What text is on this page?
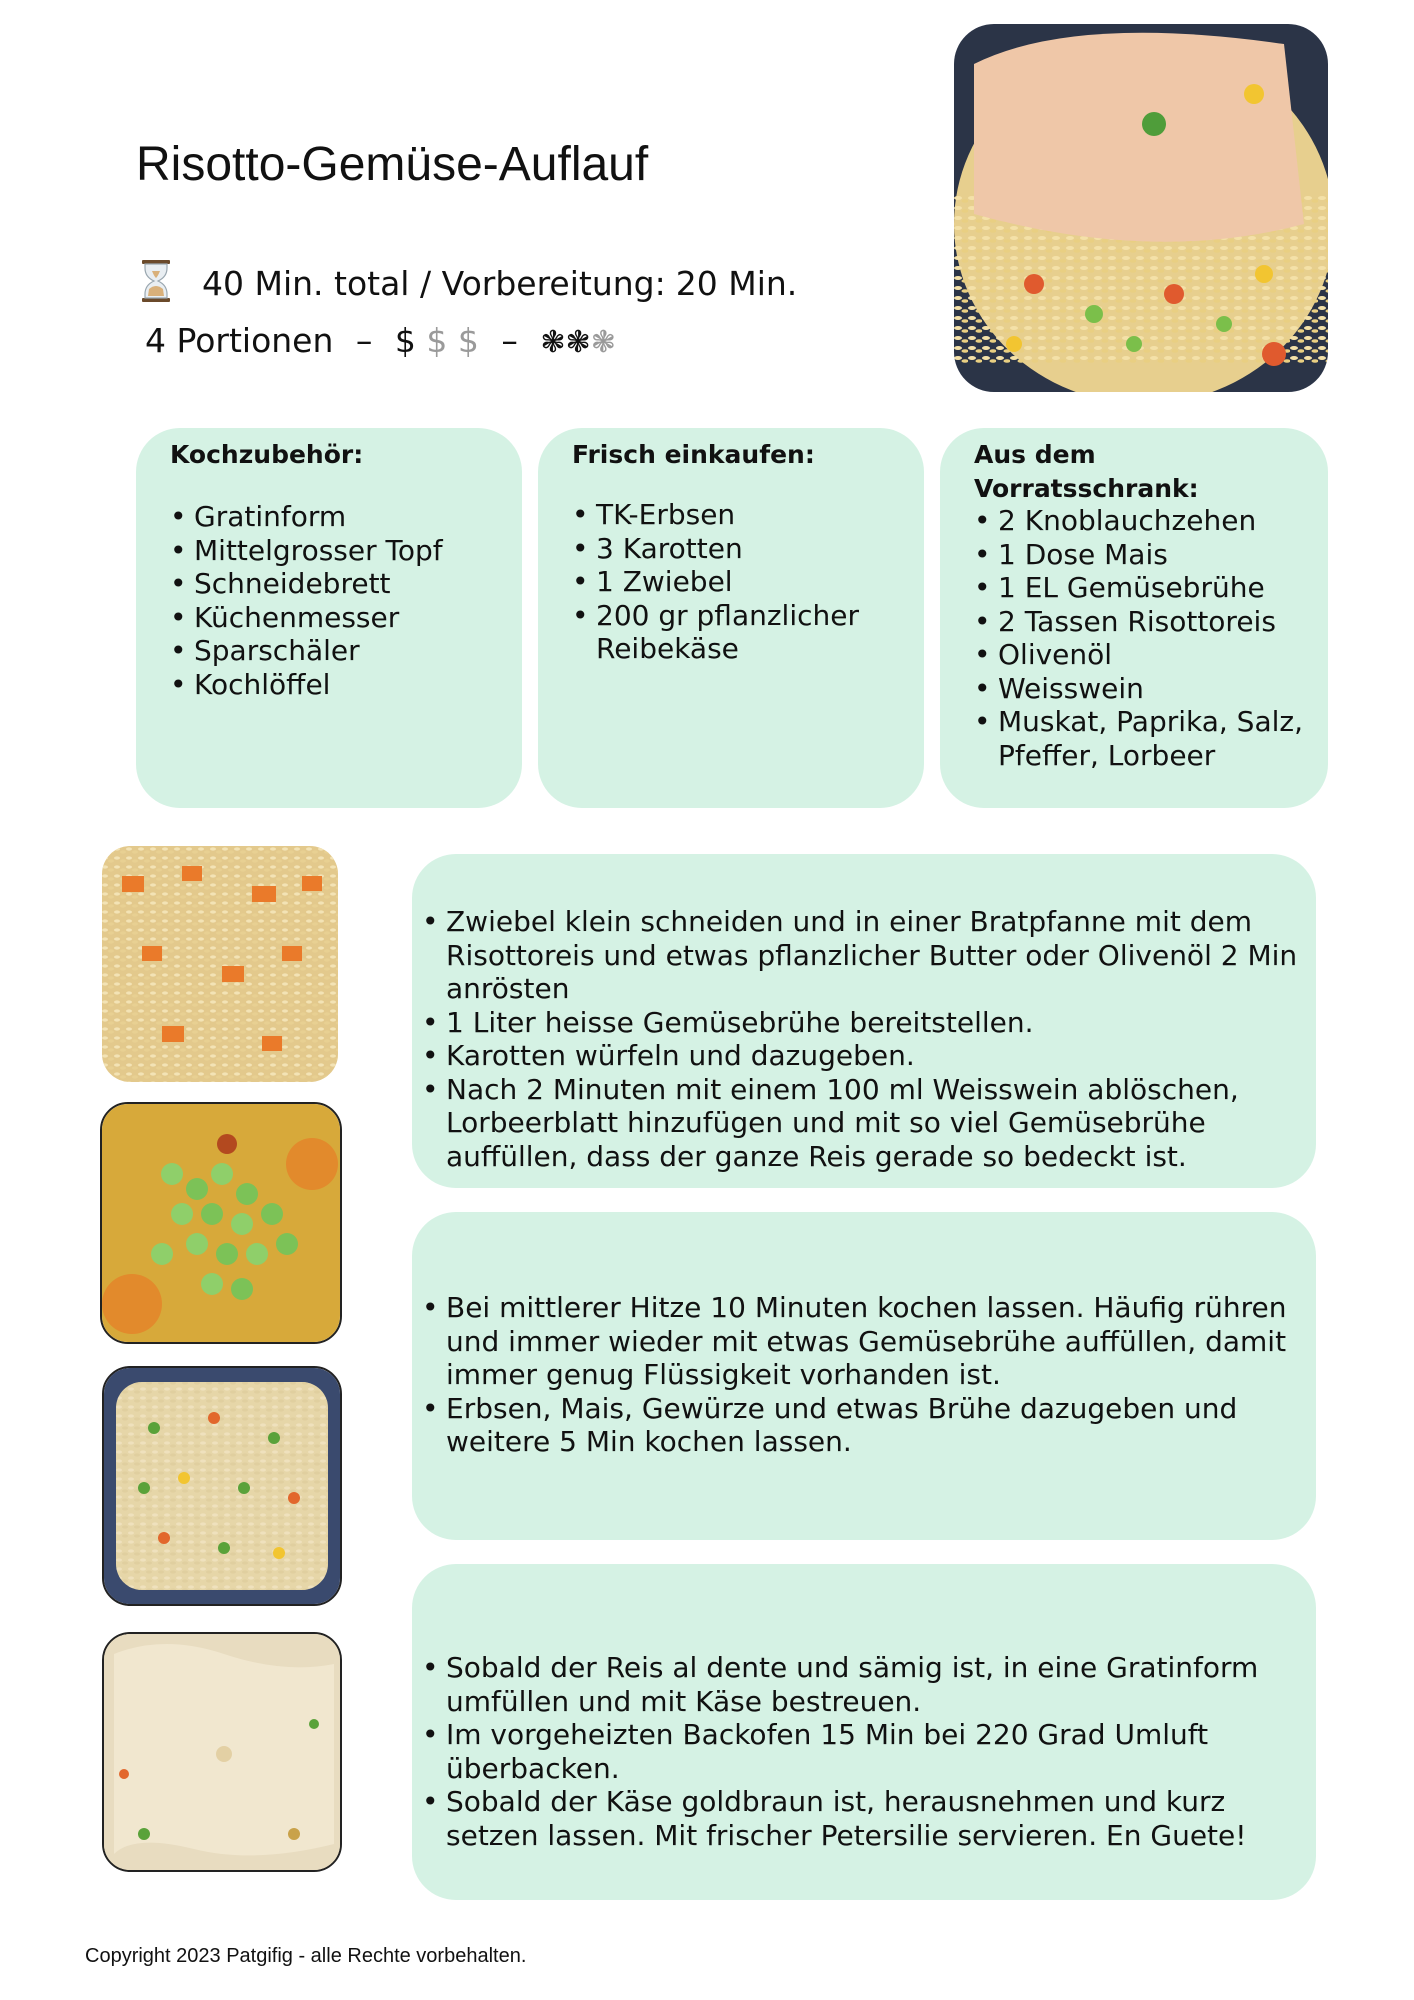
Risotto-Gemüse-Auflauf
40 Min. total / Vorbereitung: 20 Min.
4 Portionen – $ $ $ – ❃❃❃
Kochzubehör:
• Gratinform
• Mittelgrosser Topf
• Schneidebrett
• Küchenmesser
• Sparschäler
• Kochlöffel
Frisch einkaufen:
• TK-Erbsen
• 3 Karotten
• 1 Zwiebel
• 200 gr pflanzlicher Reibekäse
Aus dem Vorratsschrank:
• 2 Knoblauchzehen
• 1 Dose Mais
• 1 EL Gemüsebrühe
• 2 Tassen Risottoreis
• Olivenöl
• Weisswein
• Muskat, Paprika, Salz, Pfeffer, Lorbeer
• Zwiebel klein schneiden und in einer Bratpfanne mit dem Risottoreis und etwas pflanzlicher Butter oder Olivenöl 2 Min anrösten
• 1 Liter heisse Gemüsebrühe bereitstellen.
• Karotten würfeln und dazugeben.
• Nach 2 Minuten mit einem 100 ml Weisswein ablöschen, Lorbeerblatt hinzufügen und mit so viel Gemüsebrühe auffüllen, dass der ganze Reis gerade so bedeckt ist.
• Bei mittlerer Hitze 10 Minuten kochen lassen. Häufig rühren und immer wieder mit etwas Gemüsebrühe auffüllen, damit immer genug Flüssigkeit vorhanden ist.
• Erbsen, Mais, Gewürze und etwas Brühe dazugeben und weitere 5 Min kochen lassen.
• Sobald der Reis al dente und sämig ist, in eine Gratinform umfüllen und mit Käse bestreuen.
• Im vorgeheizten Backofen 15 Min bei 220 Grad Umluft überbacken.
• Sobald der Käse goldbraun ist, herausnehmen und kurz setzen lassen. Mit frischer Petersilie servieren. En Guete!
Copyright 2023 Patgifig - alle Rechte vorbehalten.
